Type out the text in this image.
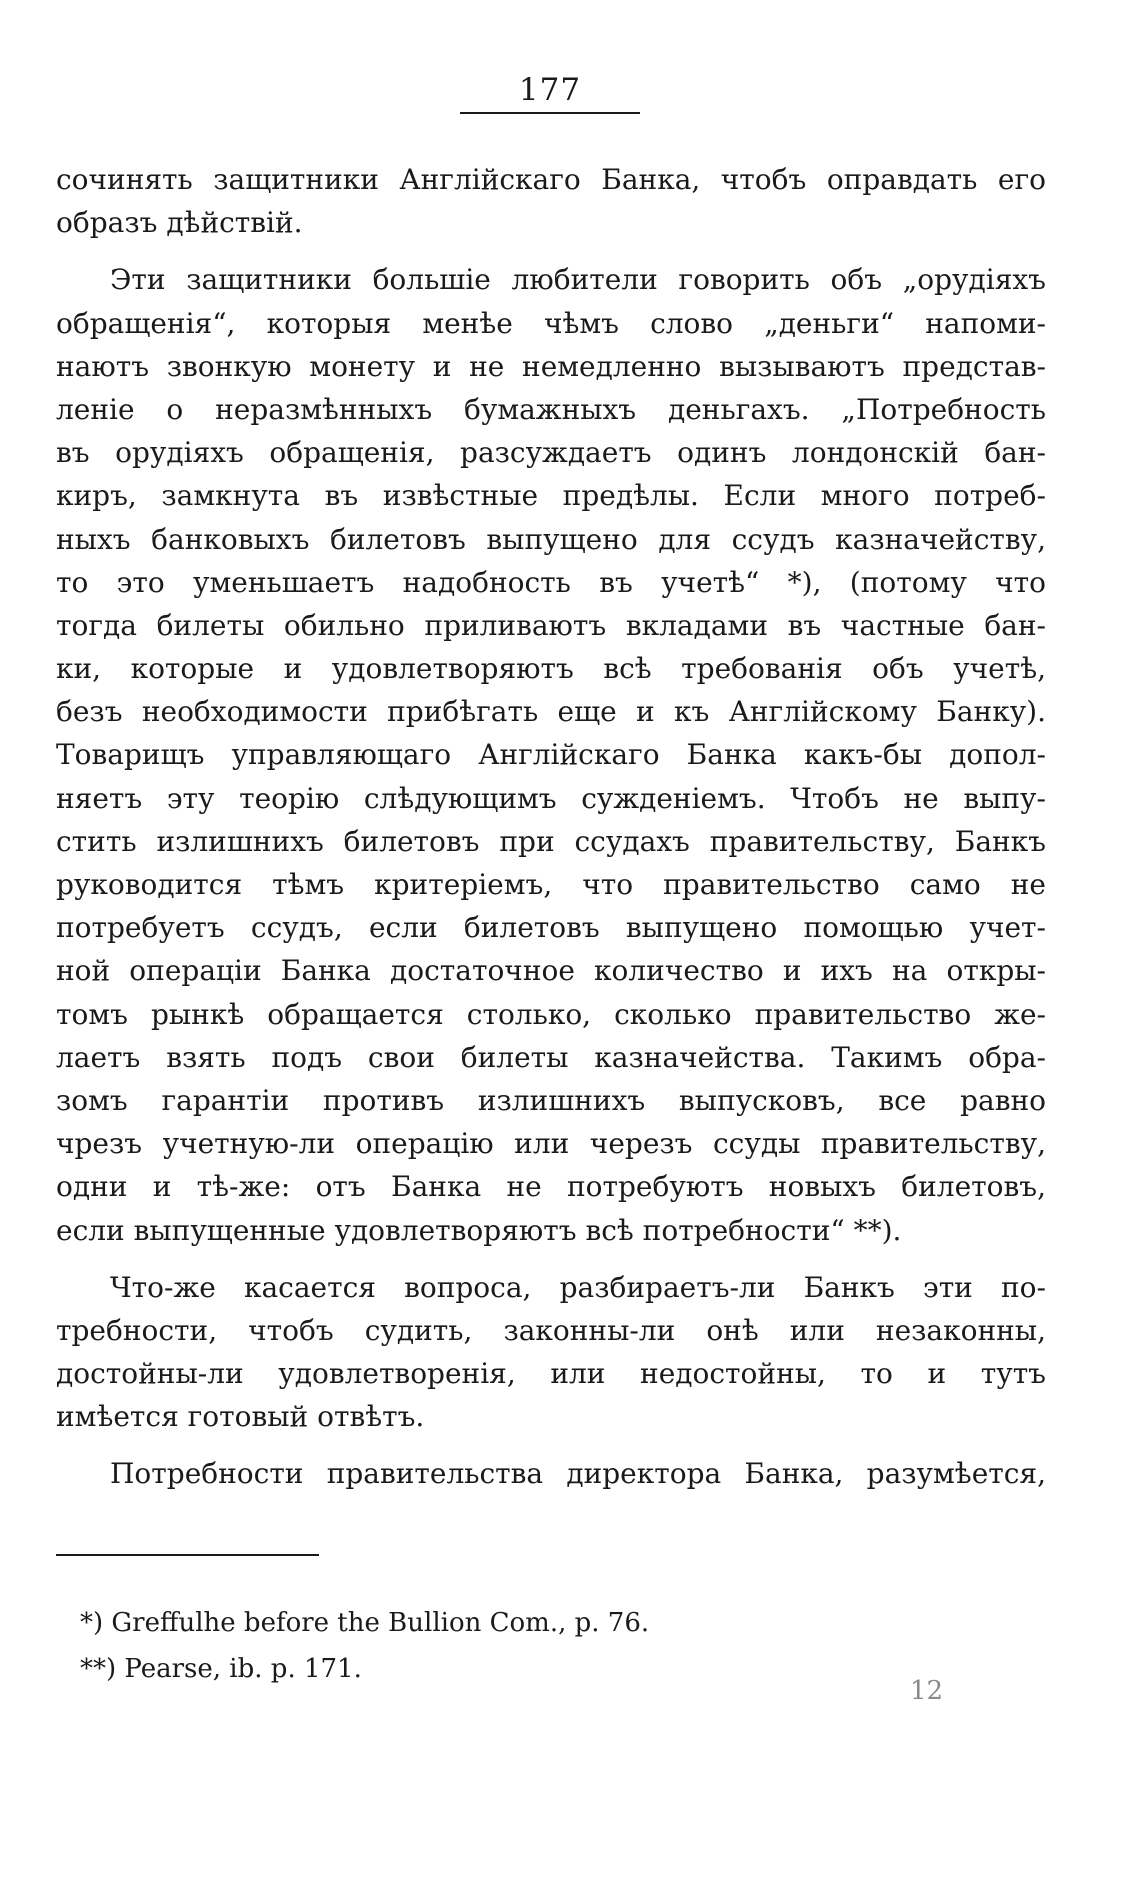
177
сочинять защитники Англійскаго Банка, чтобъ оправдать его
образъ дѣйствій.
Эти защитники большіе любители говорить объ „орудіяхъ
обращенія“, которыя менѣе чѣмъ слово „деньги“ напоми-
наютъ звонкую монету и не немедленно вызываютъ представ-
леніе о неразмѣнныхъ бумажныхъ деньгахъ. „Потребность
въ орудіяхъ обращенія, разсуждаетъ одинъ лондонскій бан-
киръ, замкнута въ извѣстные предѣлы. Если много потреб-
ныхъ банковыхъ билетовъ выпущено для ссудъ казначейству,
то это уменьшаетъ надобность въ учетѣ“ *), (потому что
тогда билеты обильно приливаютъ вкладами въ частные бан-
ки, которые и удовлетворяютъ всѣ требованія объ учетѣ,
безъ необходимости прибѣгать еще и къ Англійскому Банку).
Товарищъ управляющаго Англійскаго Банка какъ-бы допол-
няетъ эту теорію слѣдующимъ сужденіемъ. Чтобъ не выпу-
стить излишнихъ билетовъ при ссудахъ правительству, Банкъ
руководится тѣмъ критеріемъ, что правительство само не
потребуетъ ссудъ, если билетовъ выпущено помощью учет-
ной операціи Банка достаточное количество и ихъ на откры-
томъ рынкѣ обращается столько, сколько правительство же-
лаетъ взять подъ свои билеты казначейства. Такимъ обра-
зомъ гарантіи противъ излишнихъ выпусковъ, все равно
чрезъ учетную-ли операцію или черезъ ссуды правительству,
одни и тѣ-же: отъ Банка не потребуютъ новыхъ билетовъ,
если выпущенные удовлетворяютъ всѣ потребности“ **).
Что-же касается вопроса, разбираетъ-ли Банкъ эти по-
требности, чтобъ судить, законны-ли онѣ или незаконны,
достойны-ли удовлетворенія, или недостойны, то и тутъ
имѣется готовый отвѣтъ.
Потребности правительства директора Банка, разумѣется,
*) Greffulhe before the Bullion Com., p. 76.
**) Pearse, ib. p. 171.
12
